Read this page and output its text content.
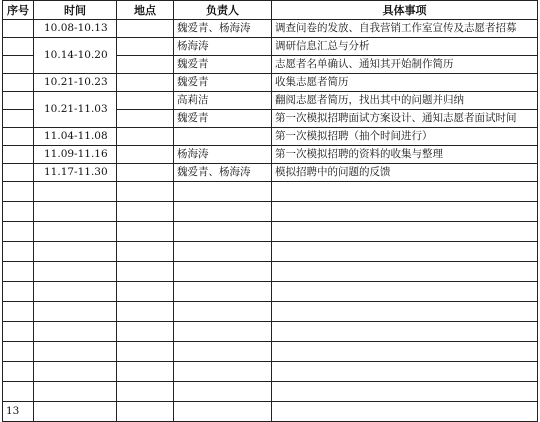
序号	时间	地点	负责人	具体事项
	10.08-10.13		魏爱青、杨海涛	调查问卷的发放、自我营销工作室宣传及志愿者招募
	10.14-10.20		杨海涛	调研信息汇总与分析
			魏爱青	志愿者名单确认、通知其开始制作简历
	10.21-10.23		魏爱青	收集志愿者简历
	10.21-11.03		高莉洁	翻阅志愿者简历，找出其中的问题并归纳
			魏爱青	第一次模拟招聘面试方案设计、通知志愿者面试时间
	11.04-11.08			第一次模拟招聘（抽个时间进行）
	11.09-11.16		杨海涛	第一次模拟招聘的资料的收集与整理
	11.17-11.30		魏爱青、杨海涛	模拟招聘中的问题的反馈

13				
